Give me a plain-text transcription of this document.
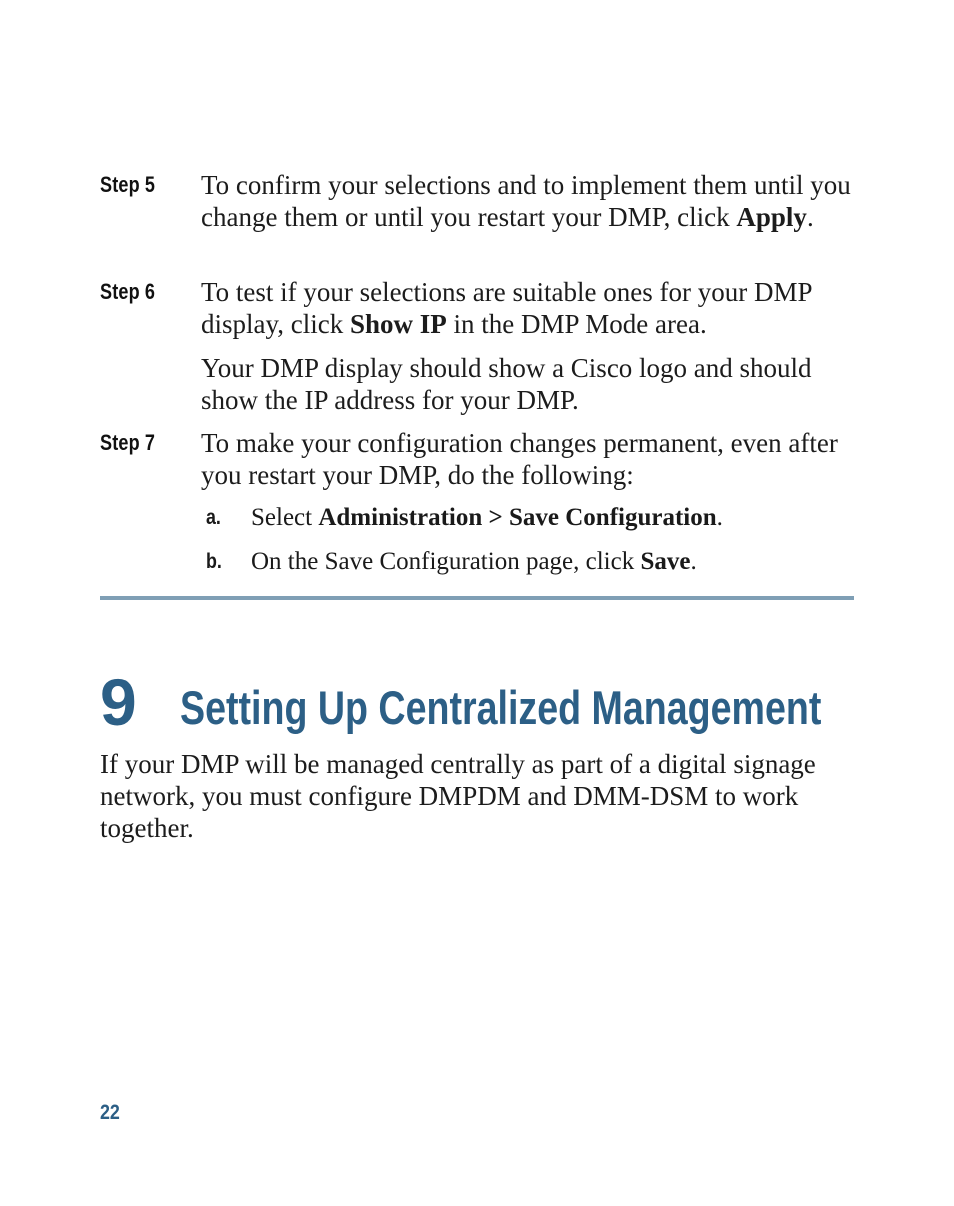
Step 5 To confirm your selections and to implement them until you change them or until you restart your DMP, click Apply.
Step 6 To test if your selections are suitable ones for your DMP display, click Show IP in the DMP Mode area.
Your DMP display should show a Cisco logo and should show the IP address for your DMP.
Step 7 To make your configuration changes permanent, even after you restart your DMP, do the following:
a. Select Administration > Save Configuration.
b. On the Save Configuration page, click Save.
9 Setting Up Centralized Management
If your DMP will be managed centrally as part of a digital signage network, you must configure DMPDM and DMM-DSM to work together.
22
